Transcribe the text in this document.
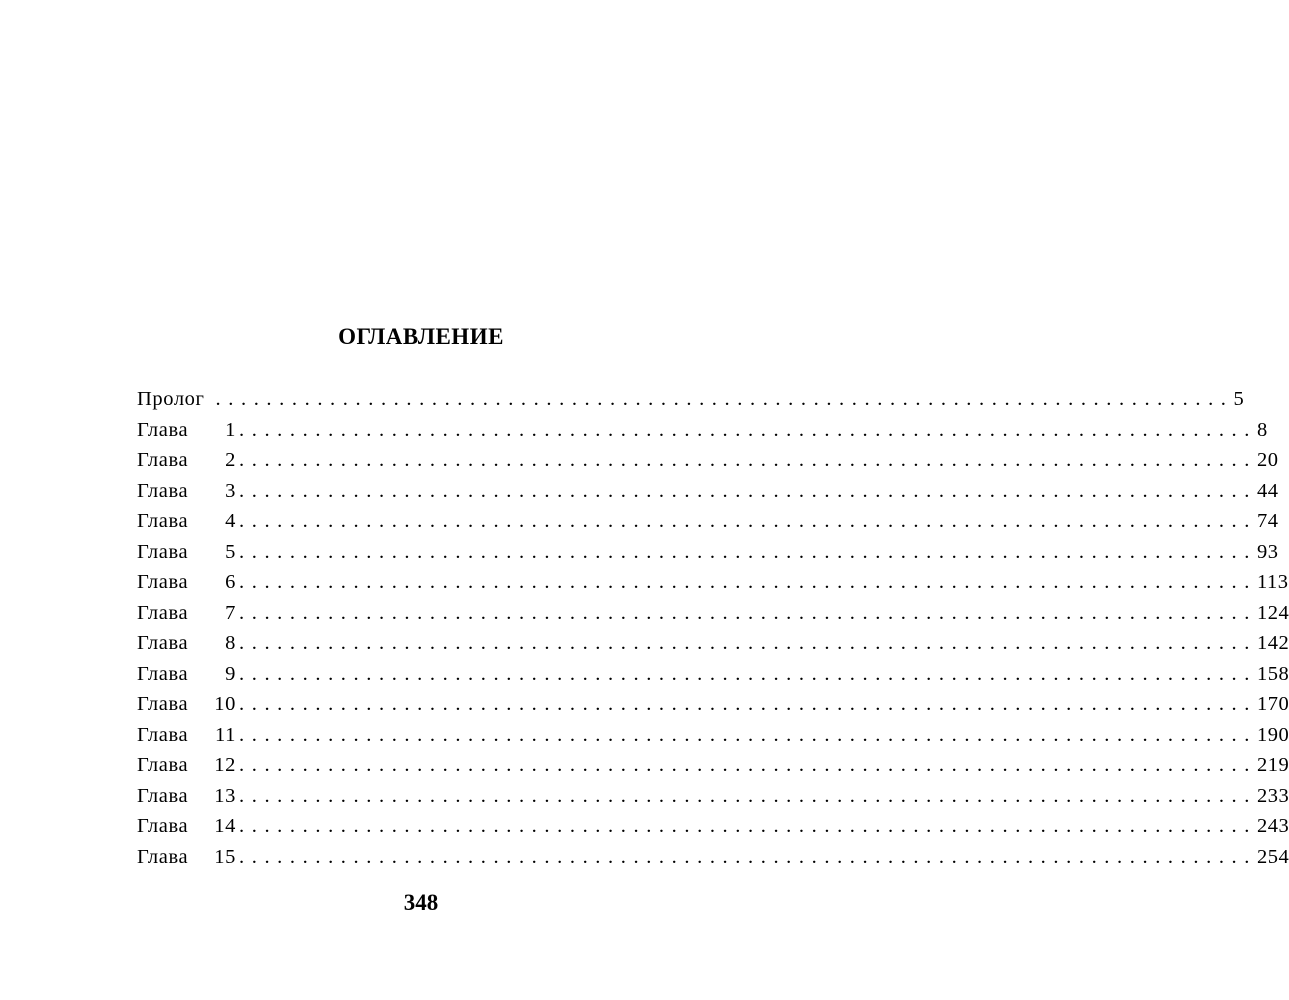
ОГЛАВЛЕНИЕ
Пролог ................................................................................ 5
Глава 1 ................................................................................ 8
Глава 2 ................................................................................ 20
Глава 3 ................................................................................ 44
Глава 4 ................................................................................ 74
Глава 5 ................................................................................ 93
Глава 6 ................................................................................ 113
Глава 7 ................................................................................ 124
Глава 8 ................................................................................ 142
Глава 9 ................................................................................ 158
Глава 10 ................................................................................ 170
Глава 11 ................................................................................ 190
Глава 12 ................................................................................ 219
Глава 13 ................................................................................ 233
Глава 14 ................................................................................ 243
Глава 15 ................................................................................ 254
348
